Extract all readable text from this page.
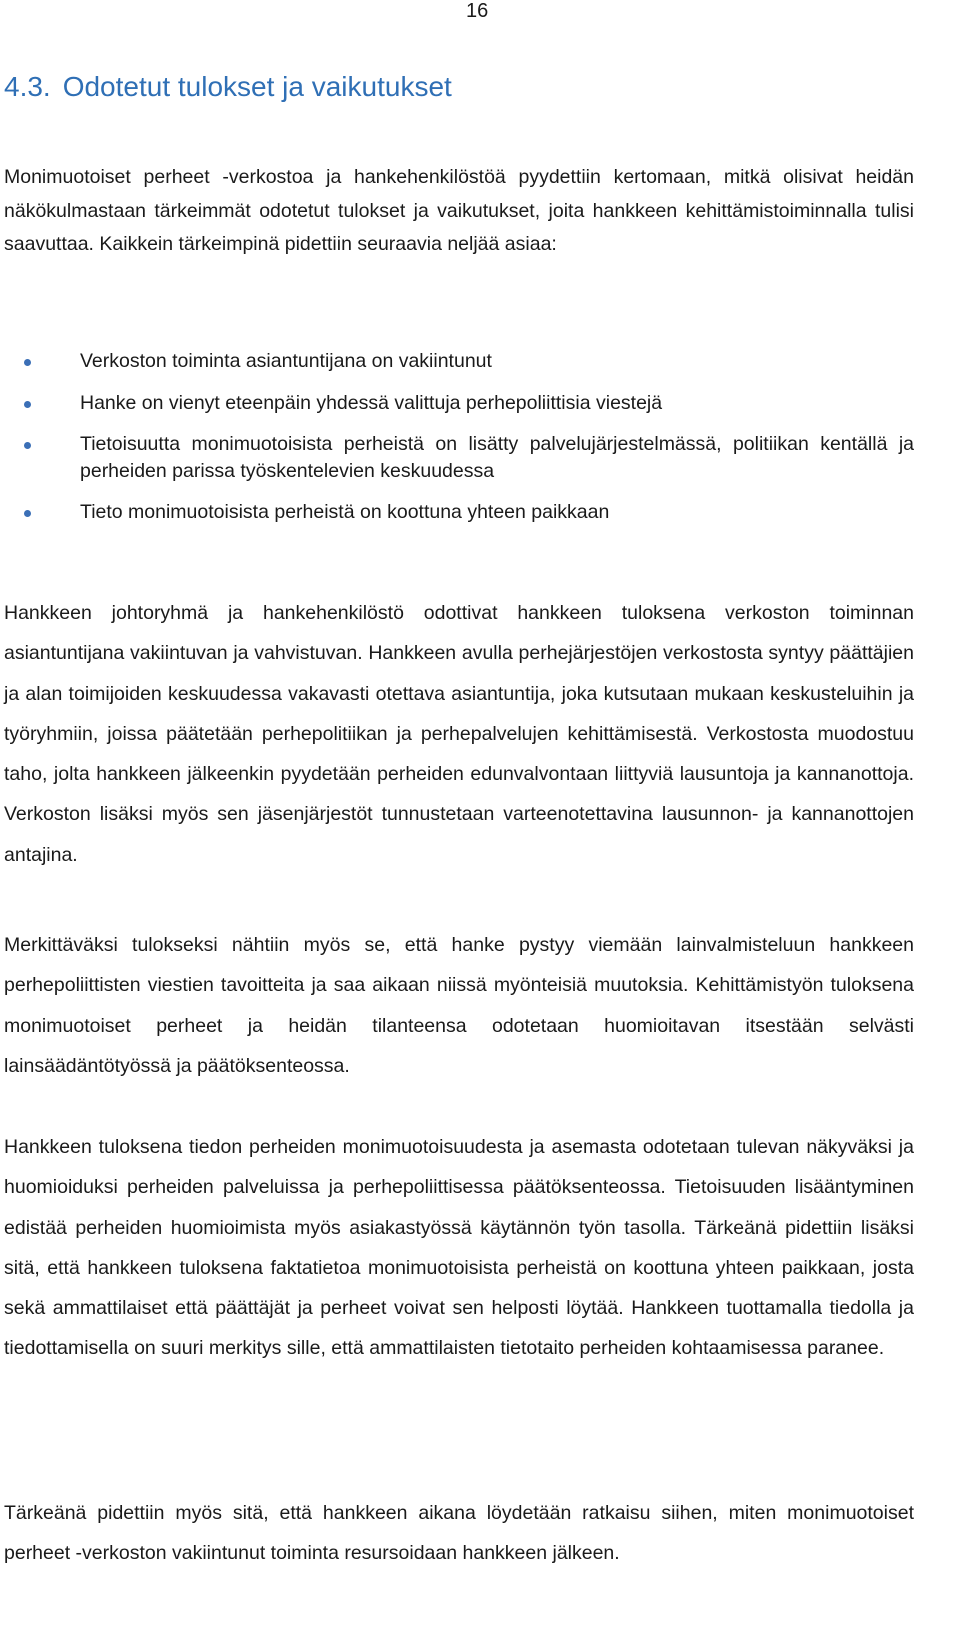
16
4.3. Odotetut tulokset ja vaikutukset

Monimuotoiset perheet -verkostoa ja hankehenkilöstöä pyydettiin kertomaan, mitkä olisivat heidän näkökulmastaan tärkeimmät odotetut tulokset ja vaikutukset, joita hankkeen kehittämistoiminnalla tulisi saavuttaa. Kaikkein tärkeimpinä pidettiin seuraavia neljää asiaa:

Verkoston toiminta asiantuntijana on vakiintunut
Hanke on vienyt eteenpäin yhdessä valittuja perhepoliittisia viestejä
Tietoisuutta monimuotoisista perheistä on lisätty palvelujärjestelmässä, politiikan kentällä ja perheiden parissa työskentelevien keskuudessa
Tieto monimuotoisista perheistä on koottuna yhteen paikkaan

Hankkeen johtoryhmä ja hankehenkilöstö odottivat hankkeen tuloksena verkoston toiminnan asiantuntijana vakiintuvan ja vahvistuvan. Hankkeen avulla perhejärjestöjen verkostosta syntyy päättäjien ja alan toimijoiden keskuudessa vakavasti otettava asiantuntija, joka kutsutaan mukaan keskusteluihin ja työryhmiin, joissa päätetään perhepolitiikan ja perhepalvelujen kehittämisestä. Verkostosta muodostuu taho, jolta hankkeen jälkeenkin pyydetään perheiden edunvalvontaan liittyviä lausuntoja ja kannanottoja. Verkoston lisäksi myös sen jäsenjärjestöt tunnustetaan varteenotettavina lausunnon- ja kannanottojen antajina.

Merkittäväksi tulokseksi nähtiin myös se, että hanke pystyy viemään lainvalmisteluun hankkeen perhepoliittisten viestien tavoitteita ja saa aikaan niissä myönteisiä muutoksia. Kehittämistyön tuloksena monimuotoiset perheet ja heidän tilanteensa odotetaan huomioitavan itsestään selvästi lainsäädäntötyössä ja päätöksenteossa.

Hankkeen tuloksena tiedon perheiden monimuotoisuudesta ja asemasta odotetaan tulevan näkyväksi ja huomioiduksi perheiden palveluissa ja perhepoliittisessa päätöksenteossa. Tietoisuuden lisääntyminen edistää perheiden huomioimista myös asiakastyössä käytännön työn tasolla. Tärkeänä pidettiin lisäksi sitä, että hankkeen tuloksena faktatietoa monimuotoisista perheistä on koottuna yhteen paikkaan, josta sekä ammattilaiset että päättäjät ja perheet voivat sen helposti löytää. Hankkeen tuottamalla tiedolla ja tiedottamisella on suuri merkitys sille, että ammattilaisten tietotaito perheiden kohtaamisessa paranee.

Tärkeänä pidettiin myös sitä, että hankkeen aikana löydetään ratkaisu siihen, miten monimuotoiset perheet -verkoston vakiintunut toiminta resursoidaan hankkeen jälkeen.
